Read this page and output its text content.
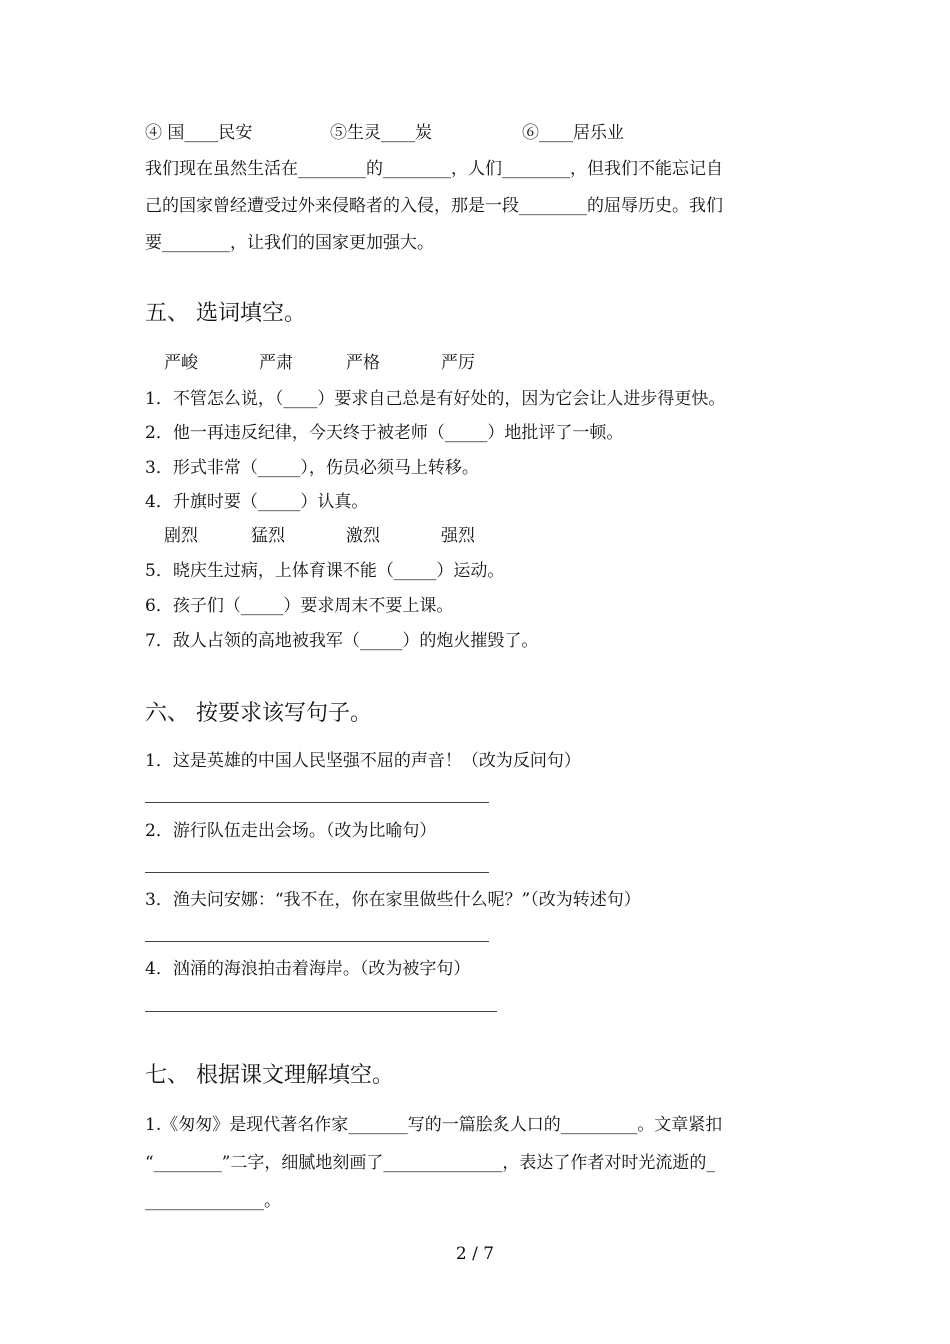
④ 国____民安	⑤生灵____炭	⑥____居乐业
我们现在虽然生活在________的________，人们________，但我们不能忘记自
己的国家曾经遭受过外来侵略者的入侵，那是一段________的屈辱历史。我们
要________，让我们的国家更加强大。
五、 选词填空。
严峻	严肃	严格	严厉
1．不管怎么说，（____）要求自己总是有好处的，因为它会让人进步得更快。
2．他一再违反纪律，今天终于被老师（_____）地批评了一顿。
3．形式非常（_____），伤员必须马上转移。
4．升旗时要（_____）认真。
剧烈	猛烈	激烈	强烈
5．晓庆生过病，上体育课不能（_____）运动。
6．孩子们（_____）要求周末不要上课。
7．敌人占领的高地被我军（_____）的炮火摧毁了。
六、 按要求该写句子。
1．这是英雄的中国人民坚强不屈的声音！（改为反问句）
2．游行队伍走出会场。（改为比喻句）
3．渔夫问安娜：“我不在，你在家里做些什么呢？”（改为转述句）
4．汹涌的海浪拍击着海岸。（改为被字句）
七、 根据课文理解填空。
1.《匆匆》是现代著名作家_______写的一篇脍炙人口的_________。文章紧扣
“________”二字，细腻地刻画了______________，表达了作者对时光流逝的_
______________。
2 / 7
